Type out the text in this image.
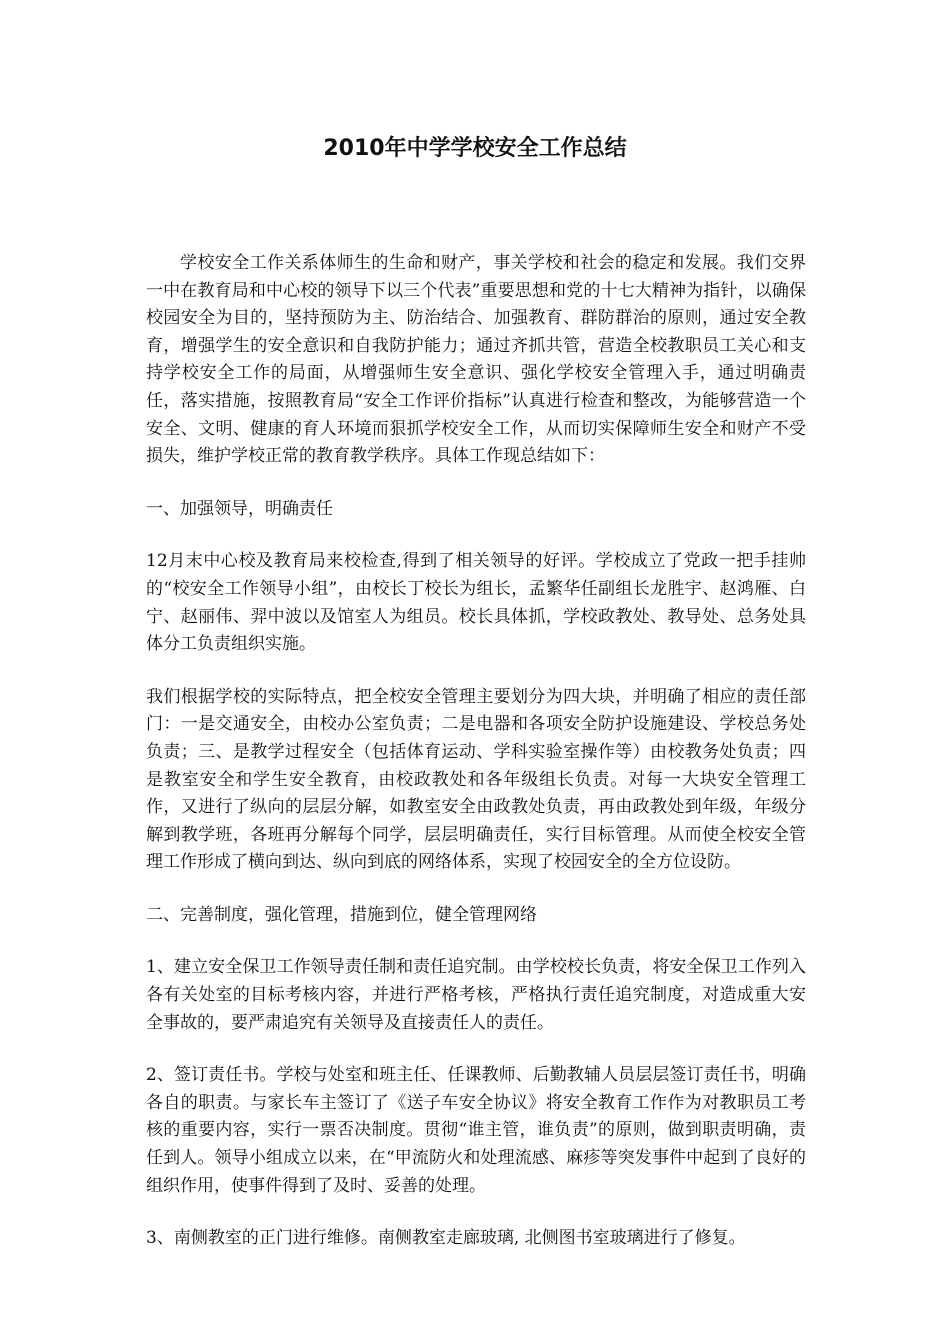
2010年中学学校安全工作总结

学校安全工作关系体师生的生命和财产，事关学校和社会的稳定和发展。我们交界一中在教育局和中心校的领导下以三个代表”重要思想和党的十七大精神为指针，以确保校园安全为目的，坚持预防为主、防治结合、加强教育、群防群治的原则，通过安全教育，增强学生的安全意识和自我防护能力；通过齐抓共管，营造全校教职员工关心和支持学校安全工作的局面，从增强师生安全意识、强化学校安全管理入手，通过明确责任，落实措施，按照教育局“安全工作评价指标”认真进行检查和整改，为能够营造一个安全、文明、健康的育人环境而狠抓学校安全工作，从而切实保障师生安全和财产不受损失，维护学校正常的教育教学秩序。具体工作现总结如下：

一、加强领导，明确责任

12月末中心校及教育局来校检查,得到了相关领导的好评。学校成立了党政一把手挂帅的“校安全工作领导小组”，由校长丁校长为组长，孟繁华任副组长龙胜宇、赵鸿雁、白宁、赵丽伟、羿中波以及馆室人为组员。校长具体抓，学校政教处、教导处、总务处具体分工负责组织实施。

我们根据学校的实际特点，把全校安全管理主要划分为四大块，并明确了相应的责任部门：一是交通安全，由校办公室负责；二是电器和各项安全防护设施建设、学校总务处负责；三、是教学过程安全（包括体育运动、学科实验室操作等）由校教务处负责；四是教室安全和学生安全教育，由校政教处和各年级组长负责。对每一大块安全管理工作，又进行了纵向的层层分解，如教室安全由政教处负责，再由政教处到年级，年级分解到教学班，各班再分解每个同学，层层明确责任，实行目标管理。从而使全校安全管理工作形成了横向到达、纵向到底的网络体系，实现了校园安全的全方位设防。

二、完善制度，强化管理，措施到位，健全管理网络

1、建立安全保卫工作领导责任制和责任追究制。由学校校长负责，将安全保卫工作列入各有关处室的目标考核内容，并进行严格考核，严格执行责任追究制度，对造成重大安全事故的，要严肃追究有关领导及直接责任人的责任。

2、签订责任书。学校与处室和班主任、任课教师、后勤教辅人员层层签订责任书，明确各自的职责。与家长车主签订了《送子车安全协议》将安全教育工作作为对教职员工考核的重要内容，实行一票否决制度。贯彻“谁主管，谁负责”的原则，做到职责明确，责任到人。领导小组成立以来，在“甲流防火和处理流感、麻疹等突发事件中起到了良好的组织作用，使事件得到了及时、妥善的处理。

3、南侧教室的正门进行维修。南侧教室走廊玻璃, 北侧图书室玻璃进行了修复。
